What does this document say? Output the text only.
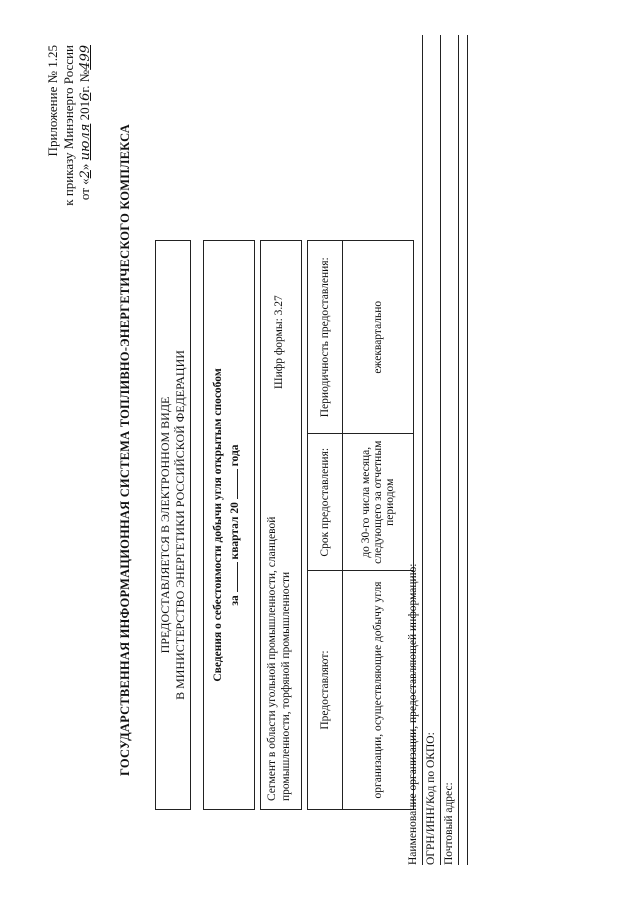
Приложение № 1.25 к приказу Минэнерго России от «2» июля 2016г. №499
ГОСУДАРСТВЕННАЯ ИНФОРМАЦИОННАЯ СИСТЕМА ТОПЛИВНО-ЭНЕРГЕТИЧЕСКОГО КОМПЛЕКСА ПРЕДОСТАВЛЯЕТСЯ В ЭЛЕКТРОННОМ ВИДЕ В МИНИСТЕРСТВО ЭНЕРГЕТИКИ РОССИЙСКОЙ ФЕДЕРАЦИИ Сведения о себестоимости добычи угля открытым способом за  квартал 20  года
Сегмент в области угольной промышленности, сланцевой промышленности, торфяной промышленности
Шифр формы: 3.27
Предоставляют:	Срок предоставления:	Периодичность предоставления:
организации, осуществляющие добычу угля	до 30-го числа месяца, следующего за отчетным периодом	ежеквартально
Наименование организации, предоставляющей информацию: ОГРН/ИНН/Код по ОКПО: Почтовый адрес:
